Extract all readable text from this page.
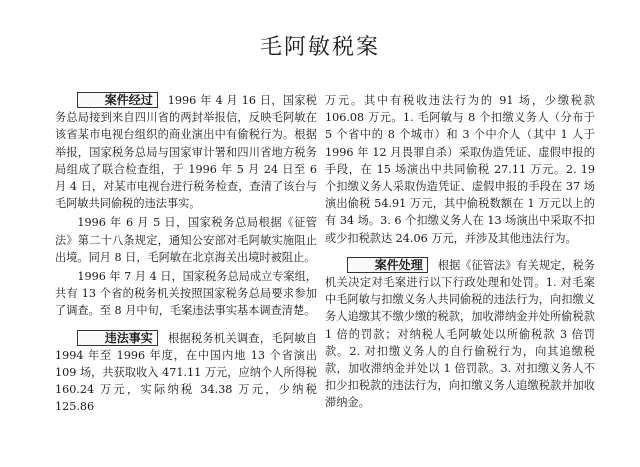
毛阿敏税案

案件经过 1996 年 4 月 16 日，国家税务总局接到来自四川省的两封举报信，反映毛阿敏在该省某市电视台组织的商业演出中有偷税行为。根据举报，国家税务总局与国家审计署和四川省地方税务局组成了联合检查组，于 1996 年 5 月 24 日至 6 月 4 日，对某市电视台进行税务检查，查清了该台与毛阿敏共同偷税的违法事实。

1996 年 6 月 5 日，国家税务总局根据《征管法》第二十八条规定，通知公安部对毛阿敏实施阻止出境。同月 8 日，毛阿敏在北京海关出境时被阻止。

1996 年 7 月 4 日，国家税务总局成立专案组，共有 13 个省的税务机关按照国家税务总局要求参加了调查。至 8 月中旬，毛案违法事实基本调查清楚。

违法事实 根据税务机关调查，毛阿敏自 1994 年至 1996 年度，在中国内地 13 个省演出 109 场，共获取收入 471.11 万元，应纳个人所得税 160.24 万元，实际纳税 34.38 万元，少纳税 125.86

万元。其中有税收违法行为的 91 场，少缴税款 106.08 万元。1. 毛阿敏与 8 个扣缴义务人（分布于 5 个省中的 8 个城市）和 3 个中介人（其中 1 人于 1996 年 12 月畏罪自杀）采取伪造凭证、虚假申报的手段，在 15 场演出中共同偷税 27.11 万元。2. 19 个扣缴义务人采取伪造凭证、虚假申报的手段在 37 场演出偷税 54.91 万元，其中偷税数额在 1 万元以上的有 34 场。3. 6 个扣缴义务人在 13 场演出中采取不扣或少扣税款达 24.06 万元，并涉及其他违法行为。

案件处理 根据《征管法》有关规定，税务机关决定对毛案进行以下行政处理和处罚。1. 对毛案中毛阿敏与扣缴义务人共同偷税的违法行为，向扣缴义务人追缴其不缴少缴的税款，加收滞纳金并处所偷税款 1 倍的罚款；对纳税人毛阿敏处以所偷税款 3 倍罚款。2. 对扣缴义务人的自行偷税行为，向其追缴税款，加收滞纳金并处以 1 倍罚款。3. 对扣缴义务人不扣少扣税款的违法行为，向扣缴义务人追缴税款并加收滞纳金。
